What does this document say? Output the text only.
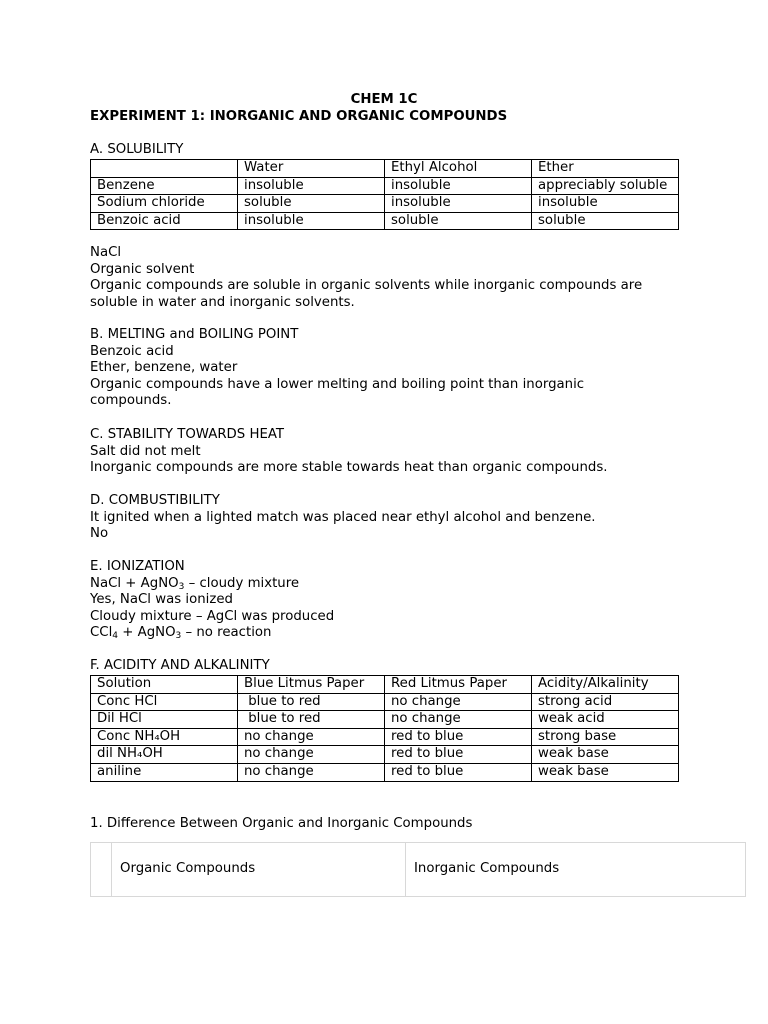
CHEM 1C
EXPERIMENT 1: INORGANIC AND ORGANIC COMPOUNDS
A. SOLUBILITY
	Water	Ethyl Alcohol	Ether
Benzene	insoluble	insoluble	appreciably soluble
Sodium chloride	soluble	insoluble	insoluble
Benzoic acid	insoluble	soluble	soluble
NaCl
Organic solvent
Organic compounds are soluble in organic solvents while inorganic compounds are soluble in water and inorganic solvents.
B. MELTING and BOILING POINT
Benzoic acid
Ether, benzene, water
Organic compounds have a lower melting and boiling point than inorganic compounds.
C. STABILITY TOWARDS HEAT
Salt did not melt
Inorganic compounds are more stable towards heat than organic compounds.
D. COMBUSTIBILITY
It ignited when a lighted match was placed near ethyl alcohol and benzene.
No
E. IONIZATION
NaCl + AgNO$_3$ – cloudy mixture
Yes, NaCl was ionized
Cloudy mixture – AgCl was produced
CCl$_4$ + AgNO$_3$ – no reaction
F. ACIDITY AND ALKALINITY
Solution	Blue Litmus Paper	Red Litmus Paper	Acidity/Alkalinity
Conc HCl	blue to red	no change	strong acid
Dil HCl	blue to red	no change	weak acid
Conc NH₄OH	no change	red to blue	strong base
dil NH₄OH	no change	red to blue	weak base
aniline	no change	red to blue	weak base
1. Difference Between Organic and Inorganic Compounds
Organic Compounds	Inorganic Compounds
